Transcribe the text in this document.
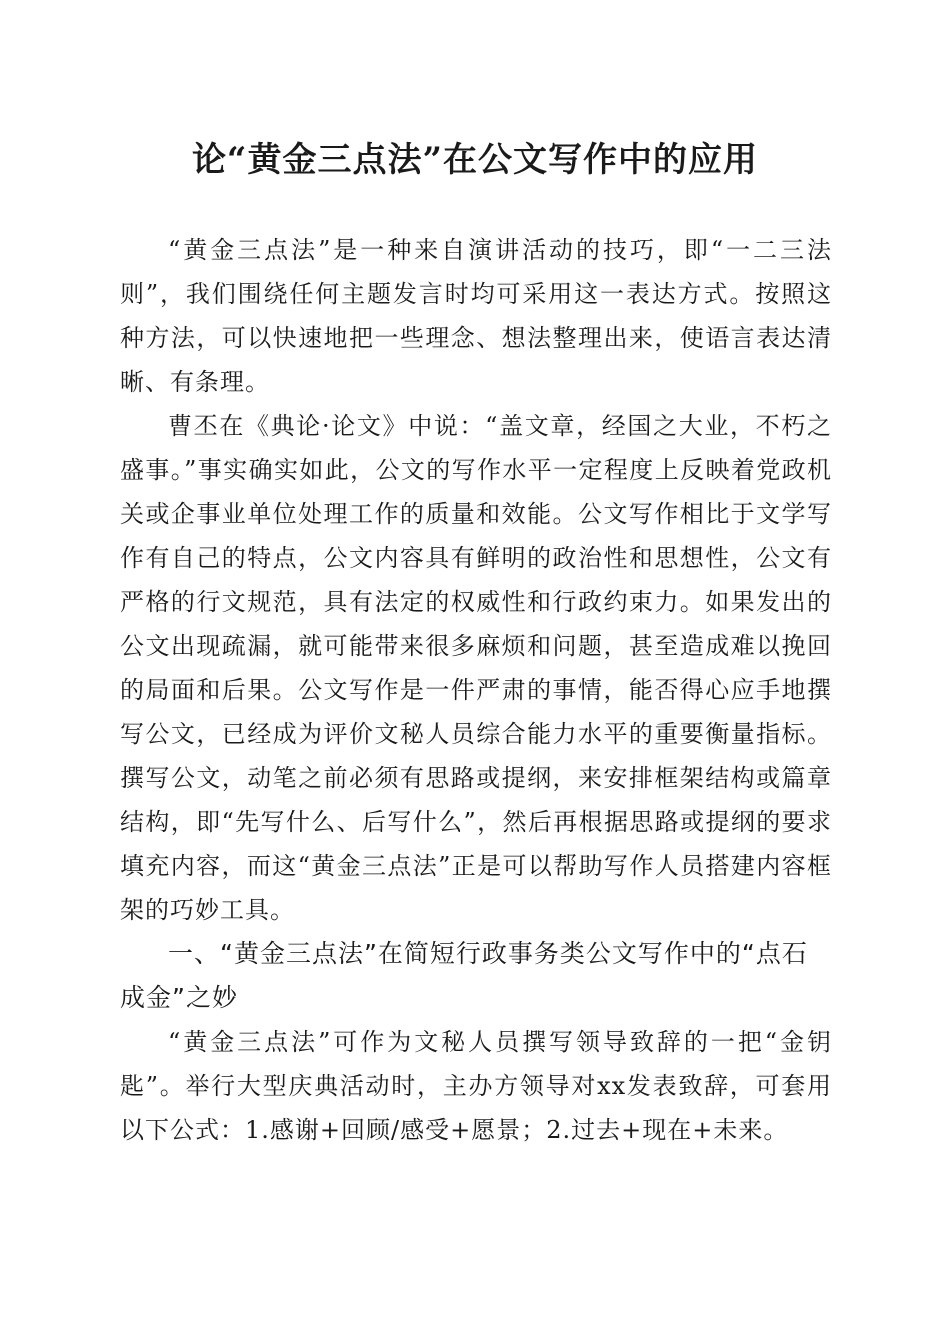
论“黄金三点法”在公文写作中的应用

“黄金三点法”是一种来自演讲活动的技巧，即“一二三法则”，我们围绕任何主题发言时均可采用这一表达方式。按照这种方法，可以快速地把一些理念、想法整理出来，使语言表达清晰、有条理。

曹丕在《典论·论文》中说：“盖文章，经国之大业，不朽之盛事。”事实确实如此，公文的写作水平一定程度上反映着党政机关或企事业单位处理工作的质量和效能。公文写作相比于文学写作有自己的特点，公文内容具有鲜明的政治性和思想性，公文有严格的行文规范，具有法定的权威性和行政约束力。如果发出的公文出现疏漏，就可能带来很多麻烦和问题，甚至造成难以挽回的局面和后果。公文写作是一件严肃的事情，能否得心应手地撰写公文，已经成为评价文秘人员综合能力水平的重要衡量指标。撰写公文，动笔之前必须有思路或提纲，来安排框架结构或篇章结构，即“先写什么、后写什么”，然后再根据思路或提纲的要求填充内容，而这“黄金三点法”正是可以帮助写作人员搭建内容框架的巧妙工具。

一、“黄金三点法”在简短行政事务类公文写作中的“点石成金”之妙

“黄金三点法”可作为文秘人员撰写领导致辞的一把“金钥匙”。举行大型庆典活动时，主办方领导对xx发表致辞，可套用以下公式：1.感谢+回顾/感受+愿景；2.过去+现在+未来。
